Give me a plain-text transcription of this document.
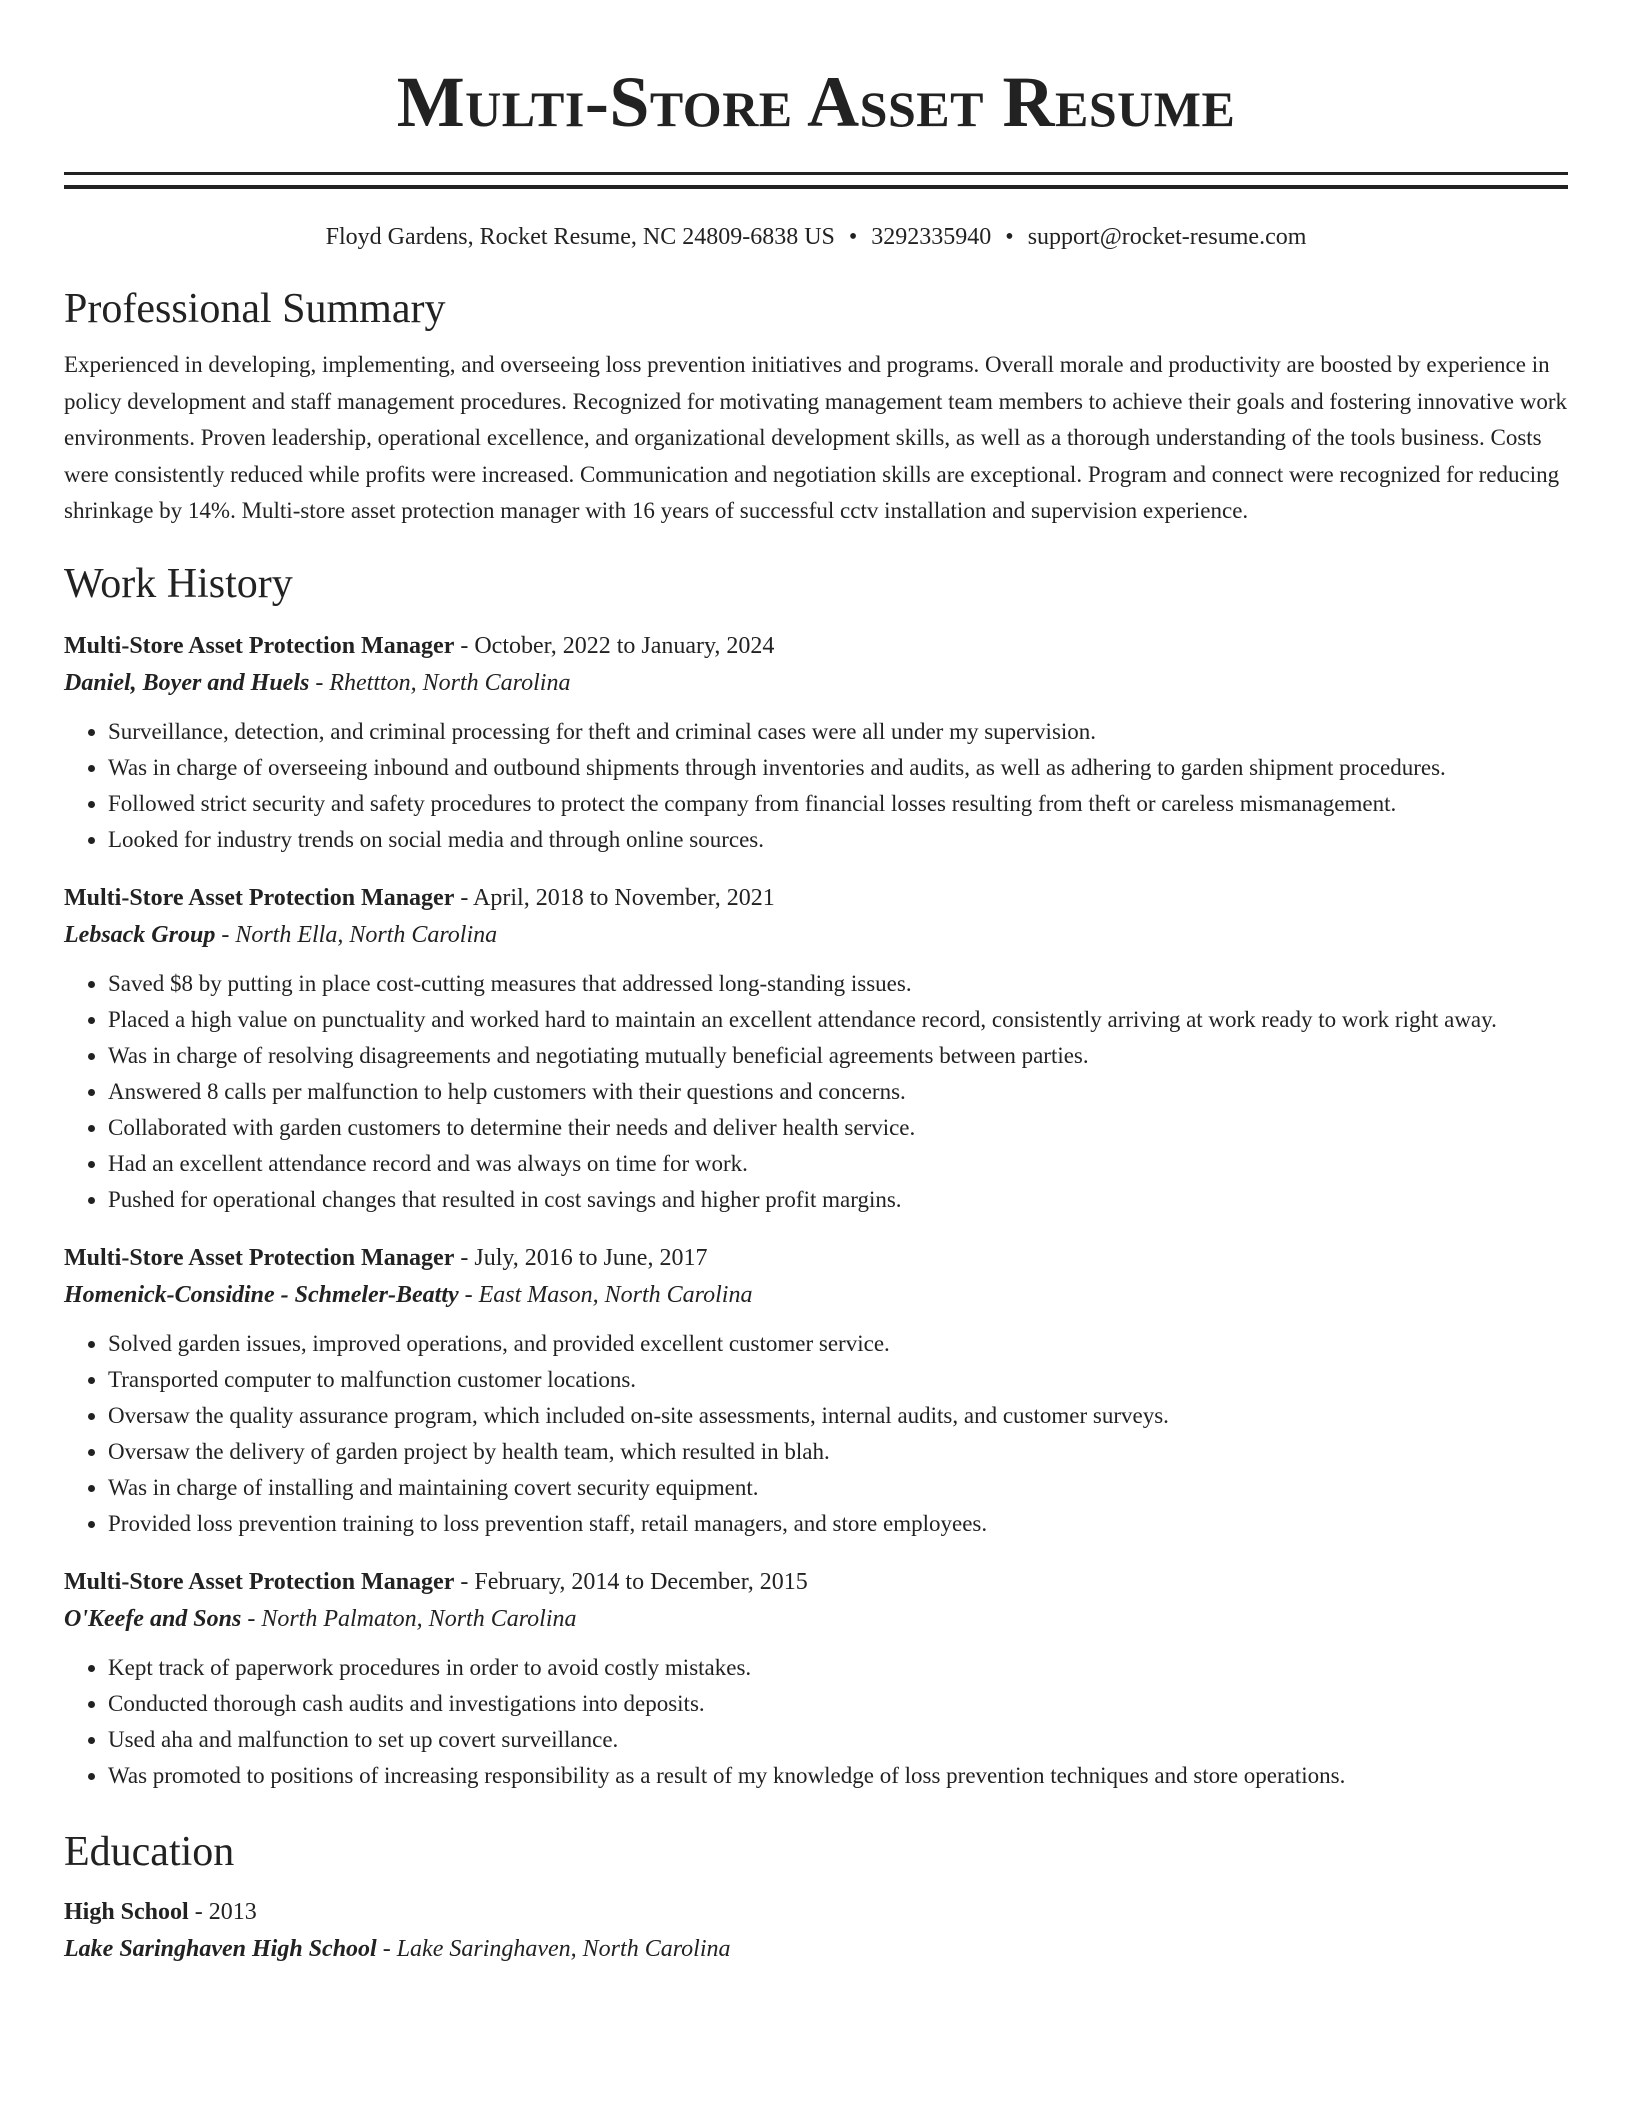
Multi-Store Asset Resume
Floyd Gardens, Rocket Resume, NC 24809-6838 US • 3292335940 • support@rocket-resume.com
Professional Summary

Experienced in developing, implementing, and overseeing loss prevention initiatives and programs. Overall morale and productivity are boosted by experience in policy development and staff management procedures. Recognized for motivating management team members to achieve their goals and fostering innovative work environments. Proven leadership, operational excellence, and organizational development skills, as well as a thorough understanding of the tools business. Costs were consistently reduced while profits were increased. Communication and negotiation skills are exceptional. Program and connect were recognized for reducing shrinkage by 14%. Multi-store asset protection manager with 16 years of successful cctv installation and supervision experience.

Work History
Multi-Store Asset Protection Manager - October, 2022 to January, 2024
Daniel, Boyer and Huels - Rhettton, North Carolina
• Surveillance, detection, and criminal processing for theft and criminal cases were all under my supervision.
• Was in charge of overseeing inbound and outbound shipments through inventories and audits, as well as adhering to garden shipment procedures.
• Followed strict security and safety procedures to protect the company from financial losses resulting from theft or careless mismanagement.
• Looked for industry trends on social media and through online sources.
Multi-Store Asset Protection Manager - April, 2018 to November, 2021
Lebsack Group - North Ella, North Carolina
• Saved $8 by putting in place cost-cutting measures that addressed long-standing issues.
• Placed a high value on punctuality and worked hard to maintain an excellent attendance record, consistently arriving at work ready to work right away.
• Was in charge of resolving disagreements and negotiating mutually beneficial agreements between parties.
• Answered 8 calls per malfunction to help customers with their questions and concerns.
• Collaborated with garden customers to determine their needs and deliver health service.
• Had an excellent attendance record and was always on time for work.
• Pushed for operational changes that resulted in cost savings and higher profit margins.
Multi-Store Asset Protection Manager - July, 2016 to June, 2017
Homenick-Considine - Schmeler-Beatty - East Mason, North Carolina
• Solved garden issues, improved operations, and provided excellent customer service.
• Transported computer to malfunction customer locations.
• Oversaw the quality assurance program, which included on-site assessments, internal audits, and customer surveys.
• Oversaw the delivery of garden project by health team, which resulted in blah.
• Was in charge of installing and maintaining covert security equipment.
• Provided loss prevention training to loss prevention staff, retail managers, and store employees.
Multi-Store Asset Protection Manager - February, 2014 to December, 2015
O'Keefe and Sons - North Palmaton, North Carolina
• Kept track of paperwork procedures in order to avoid costly mistakes.
• Conducted thorough cash audits and investigations into deposits.
• Used aha and malfunction to set up covert surveillance.
• Was promoted to positions of increasing responsibility as a result of my knowledge of loss prevention techniques and store operations.
Education
High School - 2013
Lake Saringhaven High School - Lake Saringhaven, North Carolina
